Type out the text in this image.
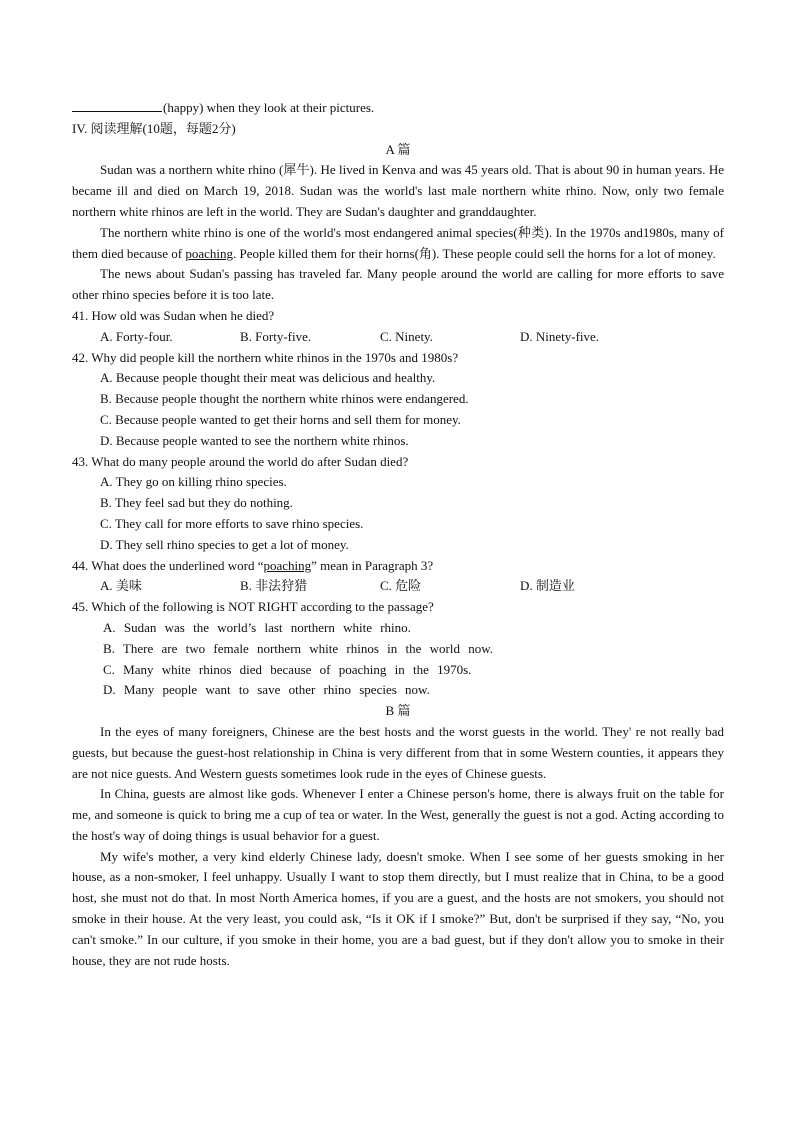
(happy) when they look at their pictures.
IV. 阅读理解(10题，每题2分)
A 篇

Sudan was a northern white rhino (犀牛). He lived in Kenva and was 45 years old. That is about 90 in human years. He became ill and died on March 19, 2018. Sudan was the world's last male northern white rhino. Now, only two female northern white rhinos are left in the world. They are Sudan's daughter and granddaughter.

The northern white rhino is one of the world's most endangered animal species(种类). In the 1970s and1980s, many of them died because of poaching. People killed them for their horns(角). These people could sell the horns for a lot of money.

The news about Sudan's passing has traveled far. Many people around the world are calling for more efforts to save other rhino species before it is too late.

41. How old was Sudan when he died?
A. Forty-four.	B. Forty-five.	C. Ninety.	D. Ninety-five.
42. Why did people kill the northern white rhinos in the 1970s and 1980s?
A. Because people thought their meat was delicious and healthy.
B. Because people thought the northern white rhinos were endangered.
C. Because people wanted to get their horns and sell them for money.
D. Because people wanted to see the northern white rhinos.
43. What do many people around the world do after Sudan died?
A. They go on killing rhino species.
B. They feel sad but they do nothing.
C. They call for more efforts to save rhino species.
D. They sell rhino species to get a lot of money.
44. What does the underlined word “poaching” mean in Paragraph 3?
A. 美味	B. 非法狩猎	C. 危险	D. 制造业
45. Which of the following is NOT RIGHT according to the passage?
A. Sudan was the world’s last northern white rhino.
B. There are two female northern white rhinos in the world now.
C. Many white rhinos died because of poaching in the 1970s.
D. Many people want to save other rhino species now.
B 篇

In the eyes of many foreigners, Chinese are the best hosts and the worst guests in the world. They' re not really bad guests, but because the guest-host relationship in China is very different from that in some Western counties, it appears they are not nice guests. And Western guests sometimes look rude in the eyes of Chinese guests.

In China, guests are almost like gods. Whenever I enter a Chinese person's home, there is always fruit on the table for me, and someone is quick to bring me a cup of tea or water. In the West, generally the guest is not a god. Acting according to the host's way of doing things is usual behavior for a guest.

My wife's mother, a very kind elderly Chinese lady, doesn't smoke. When I see some of her guests smoking in her house, as a non-smoker, I feel unhappy. Usually I want to stop them directly, but I must realize that in China, to be a good host, she must not do that. In most North America homes, if you are a guest, and the hosts are not smokers, you should not smoke in their house. At the very least, you could ask, “Is it OK if I smoke?” But, don't be surprised if they say, “No, you can't smoke.” In our culture, if you smoke in their home, you are a bad guest, but if they don't allow you to smoke in their house, they are not rude hosts.
